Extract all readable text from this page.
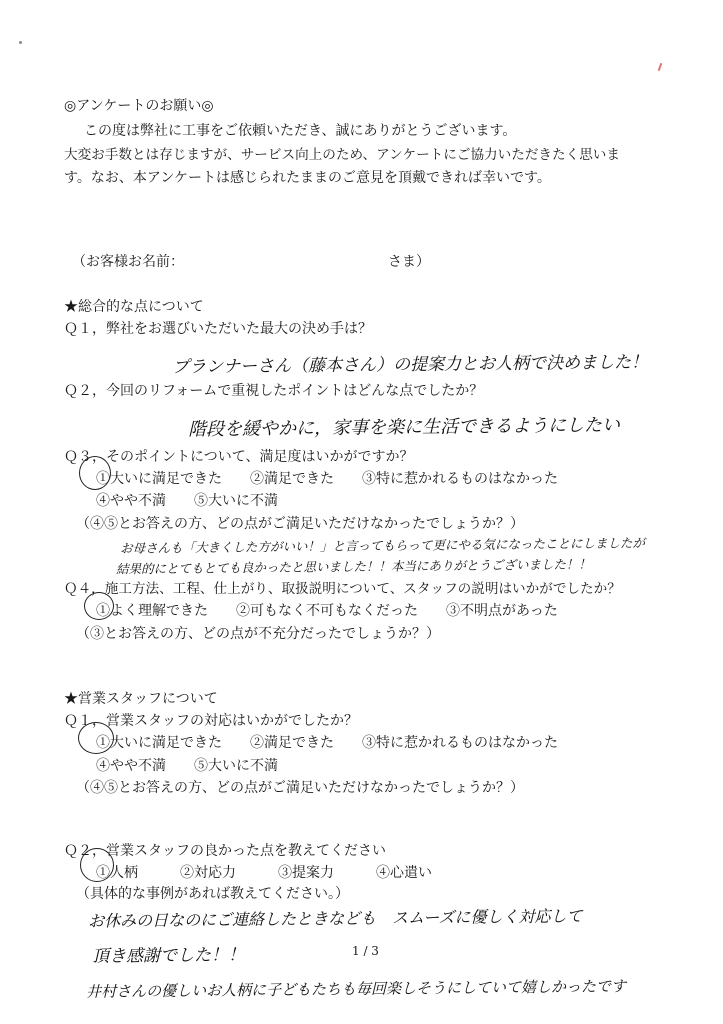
◎アンケートのお願い◎
この度は弊社に工事をご依頼いただき、誠にありがとうございます。
大変お手数とは存じますが、サービス向上のため、アンケートにご協力いただきたく思いま
す。なお、本アンケートは感じられたままのご意見を頂戴できれば幸いです。
（お客様お名前：	さま）
★総合的な点について
Ｑ１，弊社をお選びいただいた最大の決め手は？
プランナーさん（藤本さん）の提案力とお人柄で決めました！
Ｑ２，今回のリフォームで重視したポイントはどんな点でしたか？
階段を緩やかに，家事を楽に生活できるようにしたい
Ｑ３，そのポイントについて、満足度はいかがですか？
①大いに満足できた　　②満足できた　　③特に惹かれるものはなかった
④やや不満　　⑤大いに不満
（④⑤とお答えの方、どの点がご満足いただけなかったでしょうか？）
お母さんも「大きくした方がいい！」と言ってもらって更にやる気になったことにしましたが
結果的にとてもとても良かったと思いました！！本当にありがとうございました！！
Ｑ４，施工方法、工程、仕上がり、取扱説明について、スタッフの説明はいかがでしたか？
①よく理解できた　　②可もなく不可もなくだった　　③不明点があった
（③とお答えの方、どの点が不充分だったでしょうか？）
★営業スタッフについて
Ｑ１，営業スタッフの対応はいかがでしたか？
①大いに満足できた　　②満足できた　　③特に惹かれるものはなかった
④やや不満　　⑤大いに不満
（④⑤とお答えの方、どの点がご満足いただけなかったでしょうか？）
Ｑ２，営業スタッフの良かった点を教えてください
①人柄　　　②対応力　　　③提案力　　　④心遣い
（具体的な事例があれば教えてください。）
お休みの日なのにご連絡したときなども　スムーズに優しく対応して
頂き感謝でした！！	1 / 3
井村さんの優しいお人柄に子どもたちも毎回楽しそうにしていて嬉しかったです
